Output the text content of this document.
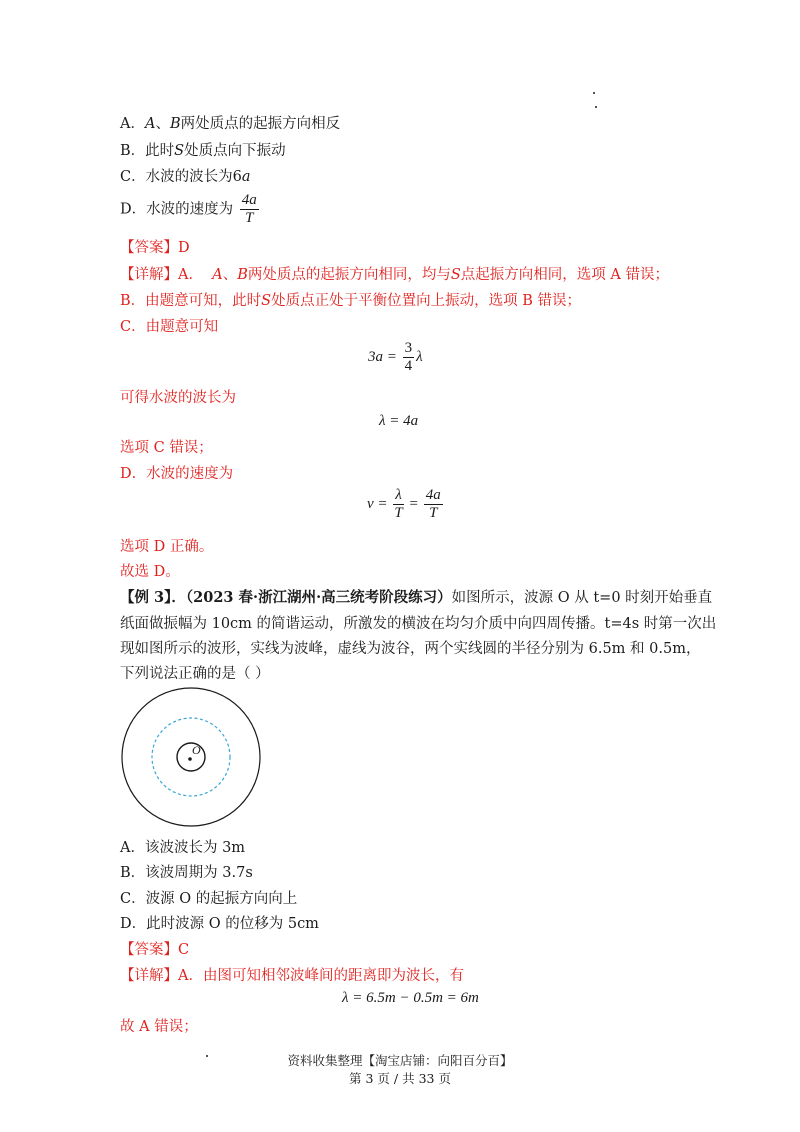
A．A、B两处质点的起振方向相反
B．此时S处质点向下振动
C．水波的波长为6a
D．水波的速度为 $\frac{4a}{T}$
【答案】D
【详解】A． A、B两处质点的起振方向相同，均与S点起振方向相同，选项 A 错误；
B．由题意可知，此时S处质点正处于平衡位置向上振动，选项 B 错误；
C．由题意可知
$3a = \frac{3}{4}$ λ
可得水波的波长为
λ = 4a
选项 C 错误；
D．水波的速度为
$v = \frac{\lambda}{T} = \frac{4a}{T}$
选项 D 正确。
故选 D。
【例 3】．（2023 春·浙江湖州·高三统考阶段练习）如图所示，波源 O 从 t=0 时刻开始垂直
纸面做振幅为 10cm 的简谐运动，所激发的横波在均匀介质中向四周传播。t=4s 时第一次出
现如图所示的波形，实线为波峰，虚线为波谷，两个实线圆的半径分别为 6.5m 和 0.5m，
下列说法正确的是（ ）
O
A．该波波长为 3m
B．该波周期为 3.7s
C．波源 O 的起振方向向上
D．此时波源 O 的位移为 5cm
【答案】C
【详解】A．由图可知相邻波峰间的距离即为波长，有
λ = 6.5m − 0.5m = 6m
故 A 错误；
资料收集整理【淘宝店铺：向阳百分百】
第 3 页 / 共 33 页
